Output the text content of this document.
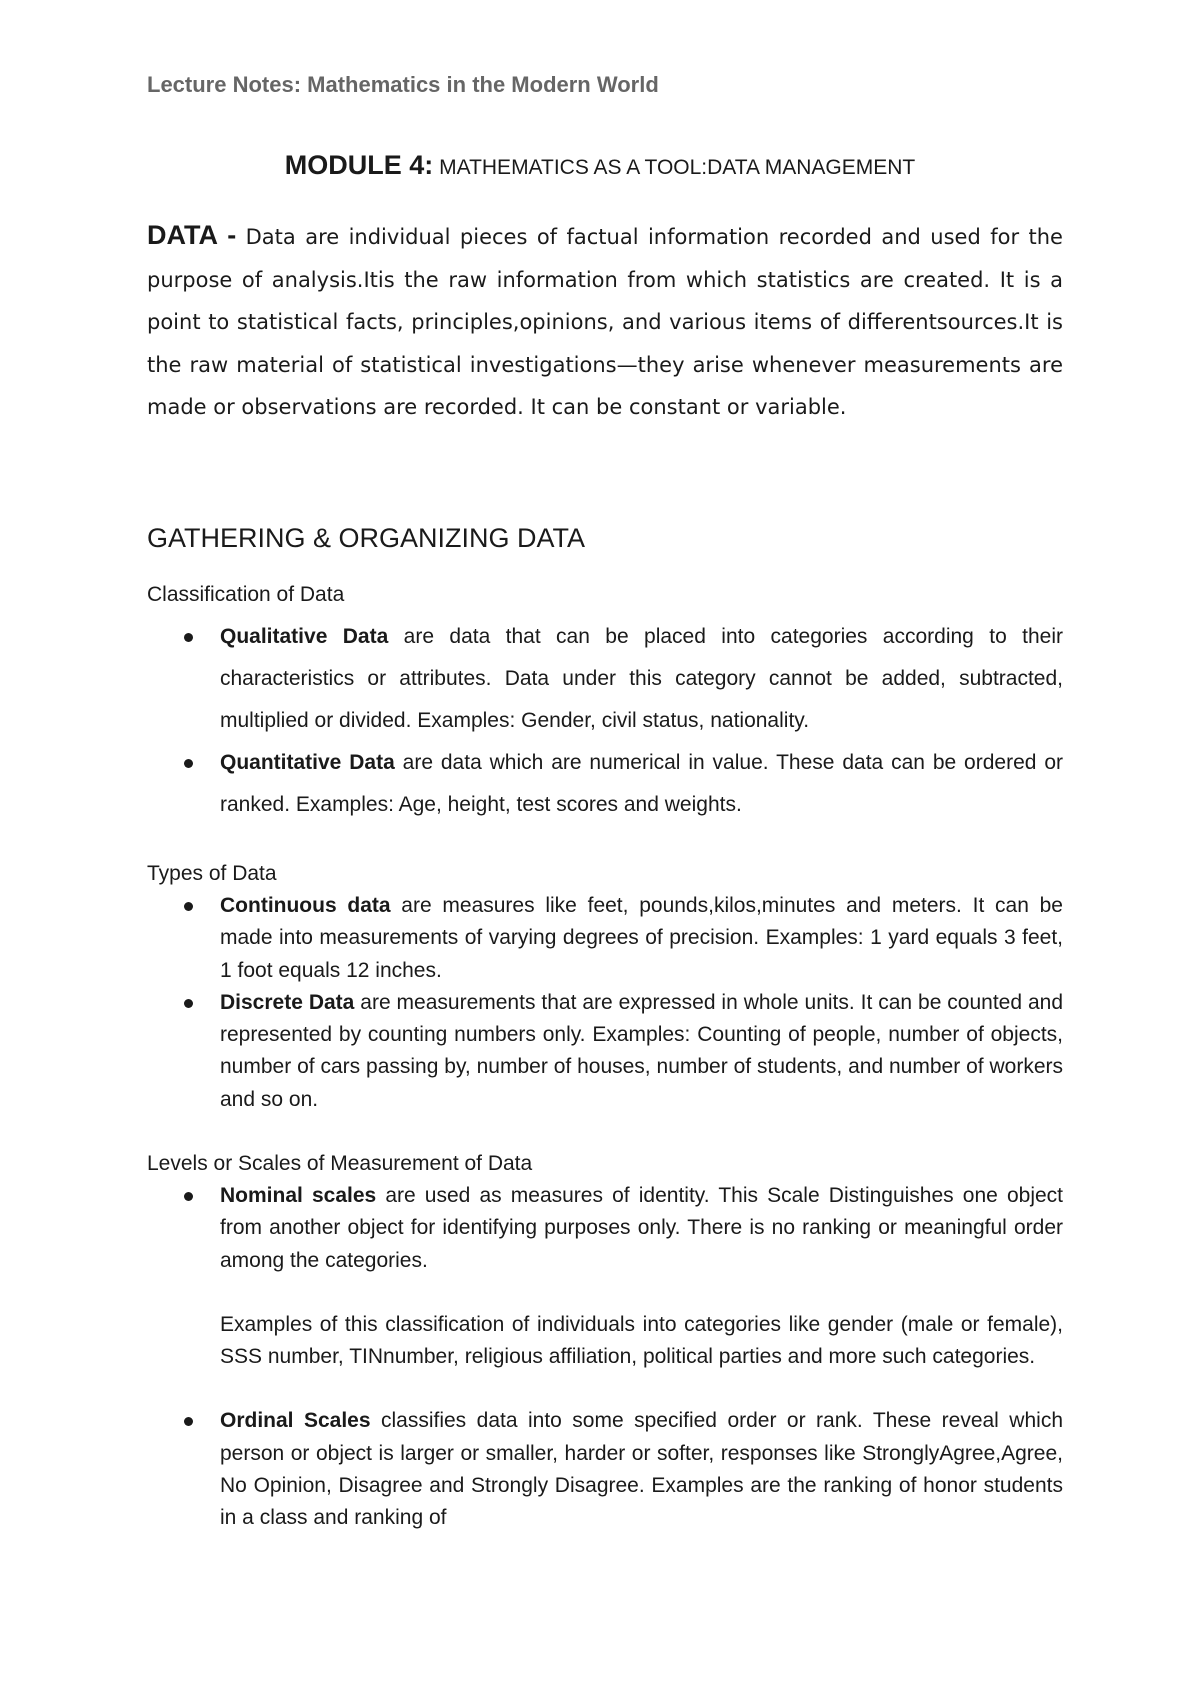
Lecture Notes: Mathematics in the Modern World
MODULE 4: MATHEMATICS AS A TOOL:DATA MANAGEMENT

DATA - Data are individual pieces of factual information recorded and used for the purpose of analysis.Itis the raw information from which statistics are created. It is a point to statistical facts, principles,opinions, and various items of differentsources.It is the raw material of statistical investigations—they arise whenever measurements are made or observations are recorded. It can be constant or variable.

GATHERING & ORGANIZING DATA
Classification of Data
Qualitative Data are data that can be placed into categories according to their characteristics or attributes. Data under this category cannot be added, subtracted, multiplied or divided. Examples: Gender, civil status, nationality.
Quantitative Data are data which are numerical in value. These data can be ordered or ranked. Examples: Age, height, test scores and weights.
Types of Data
Continuous data are measures like feet, pounds,kilos,minutes and meters. It can be made into measurements of varying degrees of precision. Examples: 1 yard equals 3 feet, 1 foot equals 12 inches.
Discrete Data are measurements that are expressed in whole units. It can be counted and represented by counting numbers only. Examples: Counting of people, number of objects, number of cars passing by, number of houses, number of students, and number of workers and so on.
Levels or Scales of Measurement of Data
Nominal scales are used as measures of identity. This Scale Distinguishes one object from another object for identifying purposes only. There is no ranking or meaningful order among the categories.
Examples of this classification of individuals into categories like gender (male or female), SSS number, TINnumber, religious affiliation, political parties and more such categories.
Ordinal Scales classifies data into some specified order or rank. These reveal which person or object is larger or smaller, harder or softer, responses like StronglyAgree,Agree, No Opinion, Disagree and Strongly Disagree. Examples are the ranking of honor students in a class and ranking of
